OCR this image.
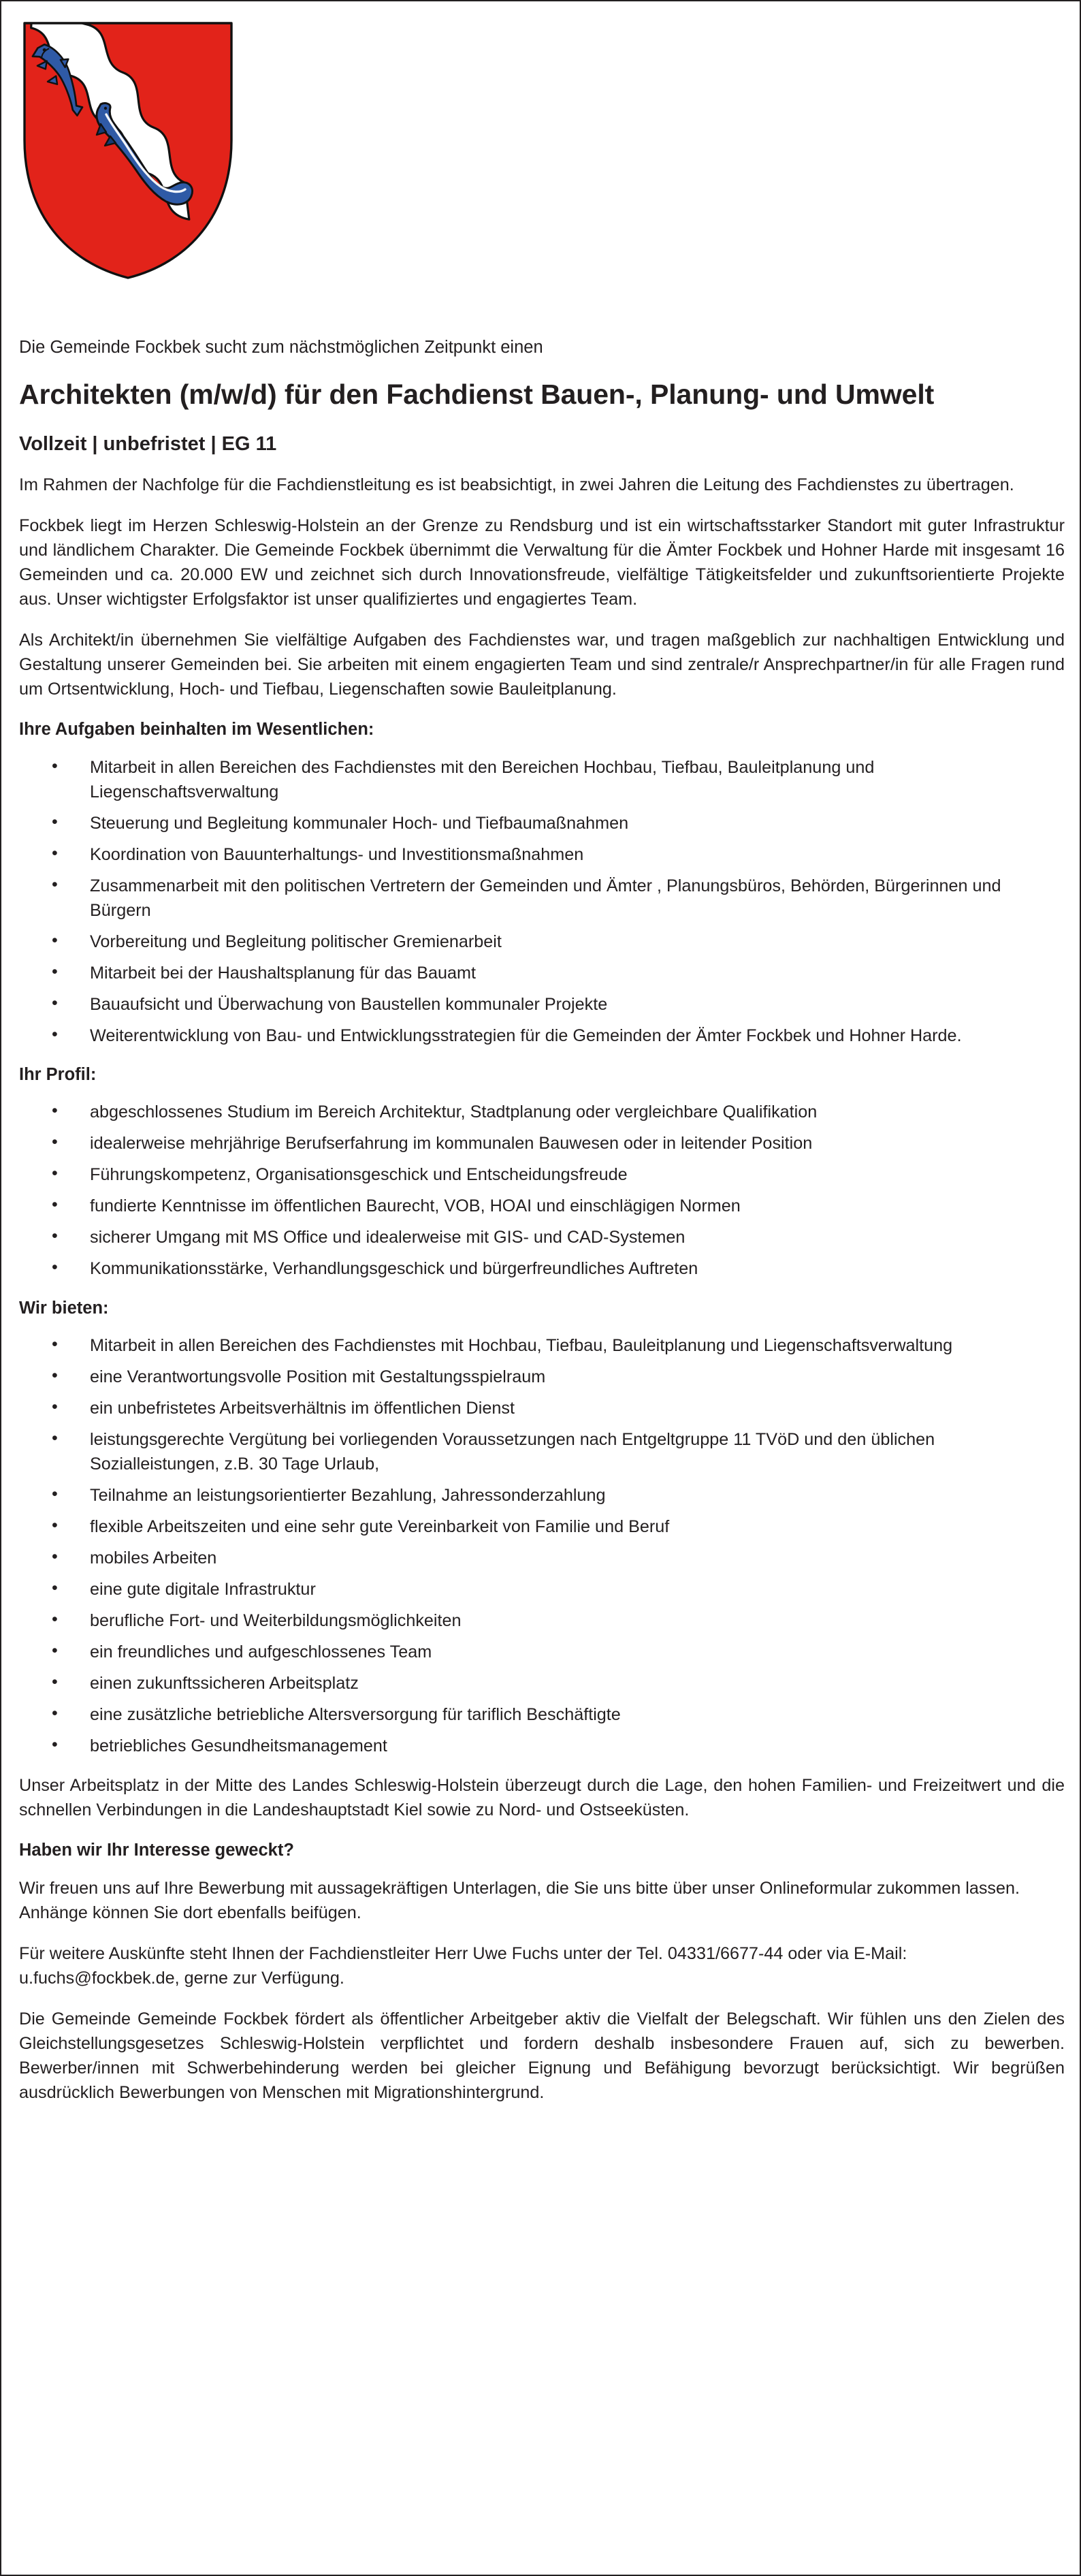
Die Gemeinde Fockbek sucht zum nächstmöglichen Zeitpunkt einen

Architekten (m/w/d) für den Fachdienst Bauen-, Planung- und Umwelt
Vollzeit | unbefristet | EG 11

Im Rahmen der Nachfolge für die Fachdienstleitung es ist beabsichtigt, in zwei Jahren die Leitung des Fachdienstes zu übertragen.

Fockbek liegt im Herzen Schleswig-Holstein an der Grenze zu Rendsburg und ist ein wirtschaftsstarker Standort mit guter Infrastruktur und ländlichem Charakter. Die Gemeinde Fockbek übernimmt die Verwaltung für die Ämter Fockbek und Hohner Harde mit insgesamt 16 Gemeinden und ca. 20.000 EW und zeichnet sich durch Innovationsfreude, vielfältige Tätigkeitsfelder und zukunftsorientierte Projekte aus. Unser wichtigster Erfolgsfaktor ist unser qualifiziertes und engagiertes Team.

Als Architekt/in übernehmen Sie vielfältige Aufgaben des Fachdienstes war, und tragen maßgeblich zur nachhaltigen Entwicklung und Gestaltung unserer Gemeinden bei. Sie arbeiten mit einem engagierten Team und sind zentrale/r Ansprechpartner/in für alle Fragen rund um Ortsentwicklung, Hoch- und Tiefbau, Liegenschaften sowie Bauleitplanung.

Ihre Aufgaben beinhalten im Wesentlichen:
• Mitarbeit in allen Bereichen des Fachdienstes mit den Bereichen Hochbau, Tiefbau, Bauleitplanung und Liegenschaftsverwaltung
• Steuerung und Begleitung kommunaler Hoch- und Tiefbaumaßnahmen
• Koordination von Bauunterhaltungs- und Investitionsmaßnahmen
• Zusammenarbeit mit den politischen Vertretern der Gemeinden und Ämter , Planungsbüros, Behörden, Bürgerinnen und Bürgern
• Vorbereitung und Begleitung politischer Gremienarbeit
• Mitarbeit bei der Haushaltsplanung für das Bauamt
• Bauaufsicht und Überwachung von Baustellen kommunaler Projekte
• Weiterentwicklung von Bau- und Entwicklungsstrategien für die Gemeinden der Ämter Fockbek und Hohner Harde.
Ihr Profil:
• abgeschlossenes Studium im Bereich Architektur, Stadtplanung oder vergleichbare Qualifikation
• idealerweise mehrjährige Berufserfahrung im kommunalen Bauwesen oder in leitender Position
• Führungskompetenz, Organisationsgeschick und Entscheidungsfreude
• fundierte Kenntnisse im öffentlichen Baurecht, VOB, HOAI und einschlägigen Normen
• sicherer Umgang mit MS Office und idealerweise mit GIS- und CAD-Systemen
• Kommunikationsstärke, Verhandlungsgeschick und bürgerfreundliches Auftreten
Wir bieten:
• Mitarbeit in allen Bereichen des Fachdienstes mit Hochbau, Tiefbau, Bauleitplanung und Liegenschaftsverwaltung
• eine Verantwortungsvolle Position mit Gestaltungsspielraum
• ein unbefristetes Arbeitsverhältnis im öffentlichen Dienst
• leistungsgerechte Vergütung bei vorliegenden Voraussetzungen nach Entgeltgruppe 11 TVöD und den üblichen Sozialleistungen, z.B. 30 Tage Urlaub,
• Teilnahme an leistungsorientierter Bezahlung, Jahressonderzahlung
• flexible Arbeitszeiten und eine sehr gute Vereinbarkeit von Familie und Beruf
• mobiles Arbeiten
• eine gute digitale Infrastruktur
• berufliche Fort- und Weiterbildungsmöglichkeiten
• ein freundliches und aufgeschlossenes Team
• einen zukunftssicheren Arbeitsplatz
• eine zusätzliche betriebliche Altersversorgung für tariflich Beschäftigte
• betriebliches Gesundheitsmanagement

Unser Arbeitsplatz in der Mitte des Landes Schleswig-Holstein überzeugt durch die Lage, den hohen Familien- und Freizeitwert und die schnellen Verbindungen in die Landeshauptstadt Kiel sowie zu Nord- und Ostseeküsten.

Haben wir Ihr Interesse geweckt?

Wir freuen uns auf Ihre Bewerbung mit aussagekräftigen Unterlagen, die Sie uns bitte über unser Onlineformular zukommen lassen. Anhänge können Sie dort ebenfalls beifügen.

Für weitere Auskünfte steht Ihnen der Fachdienstleiter Herr Uwe Fuchs unter der Tel. 04331/6677-44 oder via E-Mail: u.fuchs@fockbek.de, gerne zur Verfügung.

Die Gemeinde Gemeinde Fockbek fördert als öffentlicher Arbeitgeber aktiv die Vielfalt der Belegschaft. Wir fühlen uns den Zielen des Gleichstellungsgesetzes Schleswig-Holstein verpflichtet und fordern deshalb insbesondere Frauen auf, sich zu bewerben. Bewerber/innen mit Schwerbehinderung werden bei gleicher Eignung und Befähigung bevorzugt berücksichtigt. Wir begrüßen ausdrücklich Bewerbungen von Menschen mit Migrationshintergrund.
